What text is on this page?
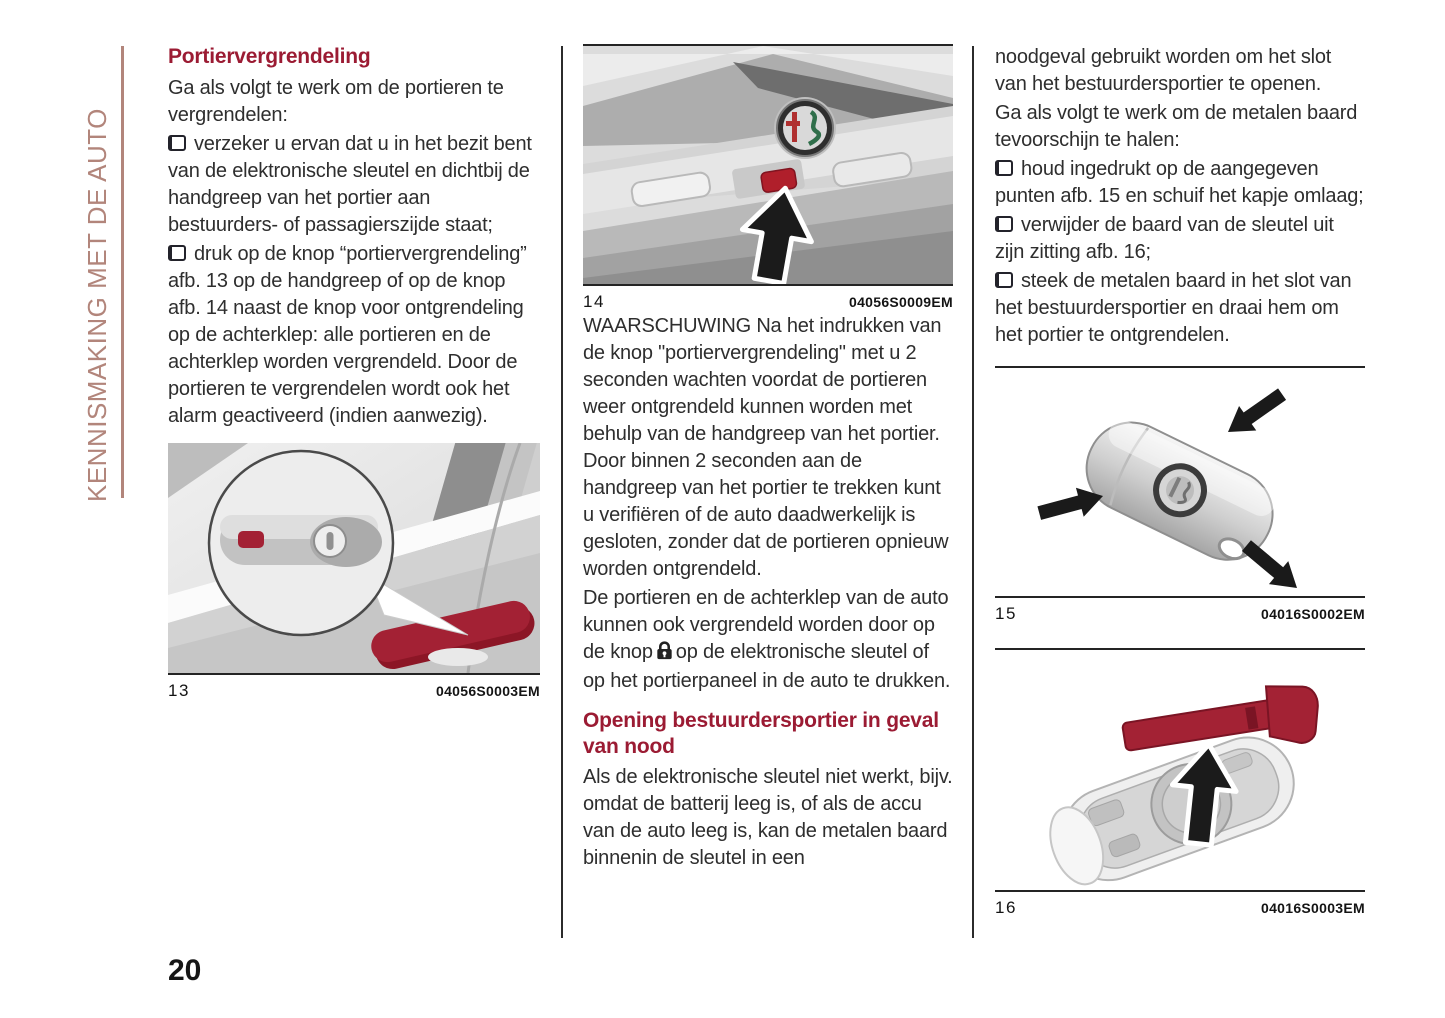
KENNISMAKING MET DE AUTO
Portiervergrendeling

Ga als volgt te werk om de portieren te vergrendelen:

verzeker u ervan dat u in het bezit bent van de elektronische sleutel en dichtbij de handgreep van het portier aan bestuurders- of passagierszijde staat;

druk op de knop “portiervergrendeling” afb. 13 op de handgreep of op de knop afb. 14 naast de knop voor ontgrendeling op de achterklep: alle portieren en de achterklep worden vergrendeld. Door de portieren te vergrendelen wordt ook het alarm geactiveerd (indien aanwezig).

13	04056S0003EM
14	04056S0009EM

WAARSCHUWING Na het indrukken van de knop "portiervergrendeling" met u 2 seconden wachten voordat de portieren weer ontgrendeld kunnen worden met behulp van de handgreep van het portier. Door binnen 2 seconden aan de handgreep van het portier te trekken kunt u verifiëren of de auto daadwerkelijk is gesloten, zonder dat de portieren opnieuw worden ontgrendeld.

De portieren en de achterklep van de auto kunnen ook vergrendeld worden door op de knop op de elektronische sleutel of op het portierpaneel in de auto te drukken.

Opening bestuurdersportier in geval van nood

Als de elektronische sleutel niet werkt, bijv. omdat de batterij leeg is, of als de accu van de auto leeg is, kan de metalen baard binnenin de sleutel in een

noodgeval gebruikt worden om het slot van het bestuurdersportier te openen.

Ga als volgt te werk om de metalen baard tevoorschijn te halen:

houd ingedrukt op de aangegeven punten afb. 15 en schuif het kapje omlaag;

verwijder de baard van de sleutel uit zijn zitting afb. 16;

steek de metalen baard in het slot van het bestuurdersportier en draai hem om het portier te ontgrendelen.

15	04016S0002EM
16	04016S0003EM
20
